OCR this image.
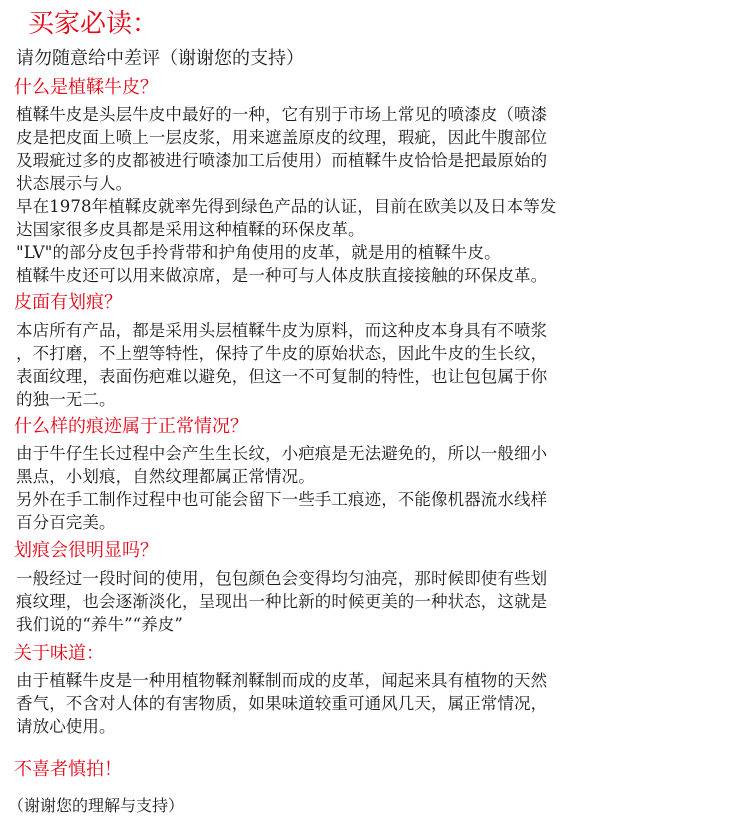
买家必读：
请勿随意给中差评（谢谢您的支持）
什么是植鞣牛皮？
植鞣牛皮是头层牛皮中最好的一种，它有别于市场上常见的喷漆皮（喷漆
皮是把皮面上喷上一层皮浆，用来遮盖原皮的纹理，瑕疵，因此牛腹部位
及瑕疵过多的皮都被进行喷漆加工后使用）而植鞣牛皮恰恰是把最原始的
状态展示与人。
早在1978年植鞣皮就率先得到绿色产品的认证，目前在欧美以及日本等发
达国家很多皮具都是采用这种植鞣的环保皮革。
"LV"的部分皮包手拎背带和护角使用的皮革，就是用的植鞣牛皮。
植鞣牛皮还可以用来做凉席，是一种可与人体皮肤直接接触的环保皮革。
皮面有划痕？
本店所有产品，都是采用头层植鞣牛皮为原料，而这种皮本身具有不喷浆
，不打磨，不上塑等特性，保持了牛皮的原始状态，因此牛皮的生长纹，
表面纹理，表面伤疤难以避免，但这一不可复制的特性，也让包包属于你
的独一无二。
什么样的痕迹属于正常情况？
由于牛仔生长过程中会产生生长纹，小疤痕是无法避免的，所以一般细小
黑点，小划痕，自然纹理都属正常情况。
另外在手工制作过程中也可能会留下一些手工痕迹，不能像机器流水线样
百分百完美。
划痕会很明显吗？
一般经过一段时间的使用，包包颜色会变得均匀油亮，那时候即使有些划
痕纹理，也会逐渐淡化，呈现出一种比新的时候更美的一种状态，这就是
我们说的“养牛”“养皮”
关于味道：
由于植鞣牛皮是一种用植物鞣剂鞣制而成的皮革，闻起来具有植物的天然
香气，不含对人体的有害物质，如果味道较重可通风几天，属正常情况，
请放心使用。
不喜者慎拍！
（谢谢您的理解与支持）
